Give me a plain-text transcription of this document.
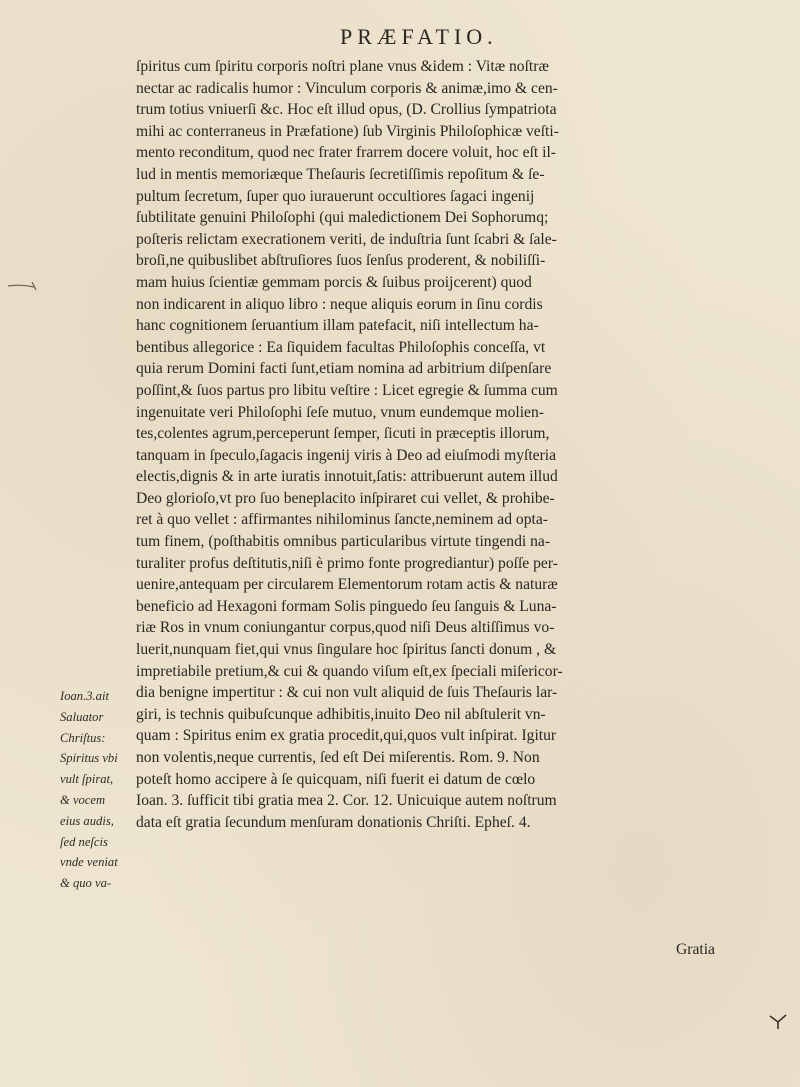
PRÆFATIO.
ſpiritus cum ſpiritu corporis noſtri plane vnus &idem : Vitæ noſtræ
nectar ac radicalis humor : Vinculum corporis & animæ,imo & cen-
trum totius vniuerſi &c. Hoc eſt illud opus, (D. Crollius ſympatriota
mihi ac conterraneus in Præfatione) ſub Virginis Philoſophicæ veſti-
mento reconditum, quod nec frater frarrem docere voluit, hoc eſt il-
lud in mentis memoriæque Theſauris ſecretiſſimis repoſitum & ſe-
pultum ſecretum, ſuper quo iurauerunt occultiores ſagaci ingenij
ſubtilitate genuini Philoſophi (qui maledictionem Dei Sophorumq;
poſteris relictam execrationem veriti, de induſtria ſunt ſcabri & ſale-
broſi,ne quibuslibet abſtruſiores ſuos ſenſus proderent, & nobiliſſi-
mam huius ſcientiæ gemmam porcis & ſuibus proijcerent) quod
non indicarent in aliquo libro : neque aliquis eorum in ſinu cordis
hanc cognitionem ſeruantium illam patefacit, niſi intellectum ha-
bentibus allegorice : Ea ſiquidem facultas Philoſophis conceſſa, vt
quia rerum Domini facti ſunt,etiam nomina ad arbitrium diſpenſare
poſſint,& ſuos partus pro libitu veſtire : Licet egregie & ſumma cum
ingenuitate veri Philoſophi ſeſe mutuo, vnum eundemque molien-
tes,colentes agrum,perceperunt ſemper, ſicuti in præceptis illorum,
tanquam in ſpeculo,ſagacis ingenij viris à Deo ad eiuſmodi myſteria
electis,dignis & in arte iuratis innotuit,ſatis: attribuerunt autem illud
Deo glorioſo,vt pro ſuo beneplacito inſpiraret cui vellet, & prohibe-
ret à quo vellet : affirmantes nihilominus ſancte,neminem ad opta-
tum finem, (poſthabitis omnibus particularibus virtute tingendi na-
turaliter profus deſtitutis,niſi è primo fonte progrediantur) poſſe per-
uenire,antequam per circularem Elementorum rotam actis & naturæ
beneficio ad Hexagoni formam Solis pinguedo ſeu ſanguis & Luna-
riæ Ros in vnum coniungantur corpus,quod niſi Deus altiſſimus vo-
luerit,nunquam fiet,qui vnus ſingulare hoc ſpiritus ſancti donum , &
impretiabile pretium,& cui & quando viſum eſt,ex ſpeciali miſericor-
dia benigne impertitur : & cui non vult aliquid de ſuis Theſauris lar-
giri, is technis quibuſcunque adhibitis,inuito Deo nil abſtulerit vn-
quam : Spiritus enim ex gratia procedit,qui,quos vult inſpirat. Igitur
non volentis,neque currentis, ſed eſt Dei miſerentis. Rom. 9. Non
poteſt homo accipere à ſe quicquam, niſi fuerit ei datum de cœlo
Ioan. 3. ſufficit tibi gratia mea 2. Cor. 12. Unicuique autem noſtrum
data eſt gratia ſecundum menſuram donationis Chriſti. Epheſ. 4.
Ioan.3.ait
Saluator
Chriſtus:
Spiritus vbi
vult ſpirat,
& vocem
eius audis,
ſed neſcis
vnde veniat
& quo va-
Gratia
